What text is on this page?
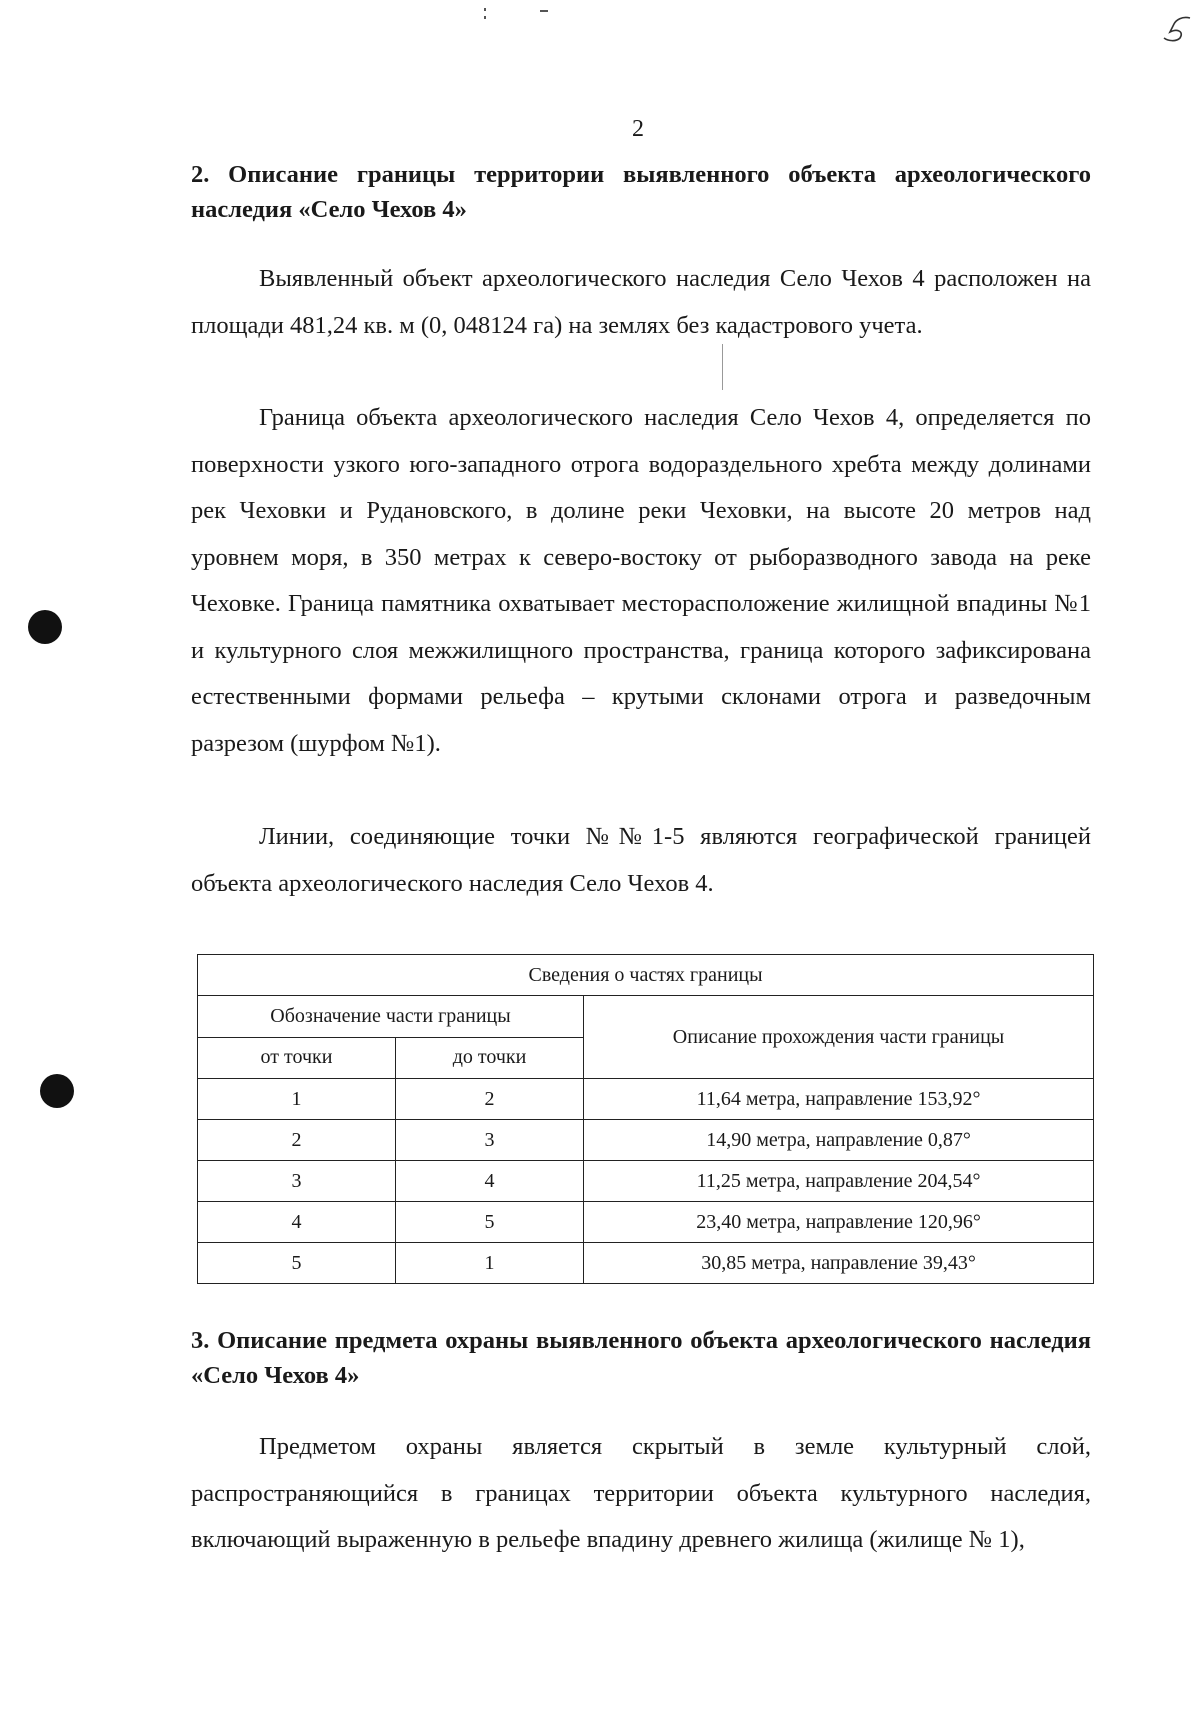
2

2. Описание границы территории выявленного объекта археологического наследия «Село Чехов 4»

Выявленный объект археологического наследия Село Чехов 4 расположен на площади 481,24 кв. м (0, 048124 га) на землях без кадастрового учета.

Граница объекта археологического наследия Село Чехов 4, определяется по поверхности узкого юго-западного отрога водораздельного хребта между долинами рек Чеховки и Рудановского, в долине реки Чеховки, на высоте 20 метров над уровнем моря, в 350 метрах к северо-востоку от рыборазводного завода на реке Чеховке. Граница памятника охватывает месторасположение жилищной впадины №1 и культурного слоя межжилищного пространства, граница которого зафиксирована естественными формами рельефа – крутыми склонами отрога и разведочным разрезом (шурфом №1).

Линии, соединяющие точки №№1-5 являются географической границей объекта археологического наследия Село Чехов 4.

Сведения о частях границы		
Обозначение части границы		Описание прохождения части границы
от точки	до точки	
1	2	11,64 метра, направление 153,92°
2	3	14,90 метра, направление 0,87°
3	4	11,25 метра, направление 204,54°
4	5	23,40 метра, направление 120,96°
5	1	30,85 метра, направление 39,43°

3. Описание предмета охраны выявленного объекта археологического наследия «Село Чехов 4»

Предметом охраны является скрытый в земле культурный слой, распространяющийся в границах территории объекта культурного наследия, включающий выраженную в рельефе впадину древнего жилища (жилище № 1),
